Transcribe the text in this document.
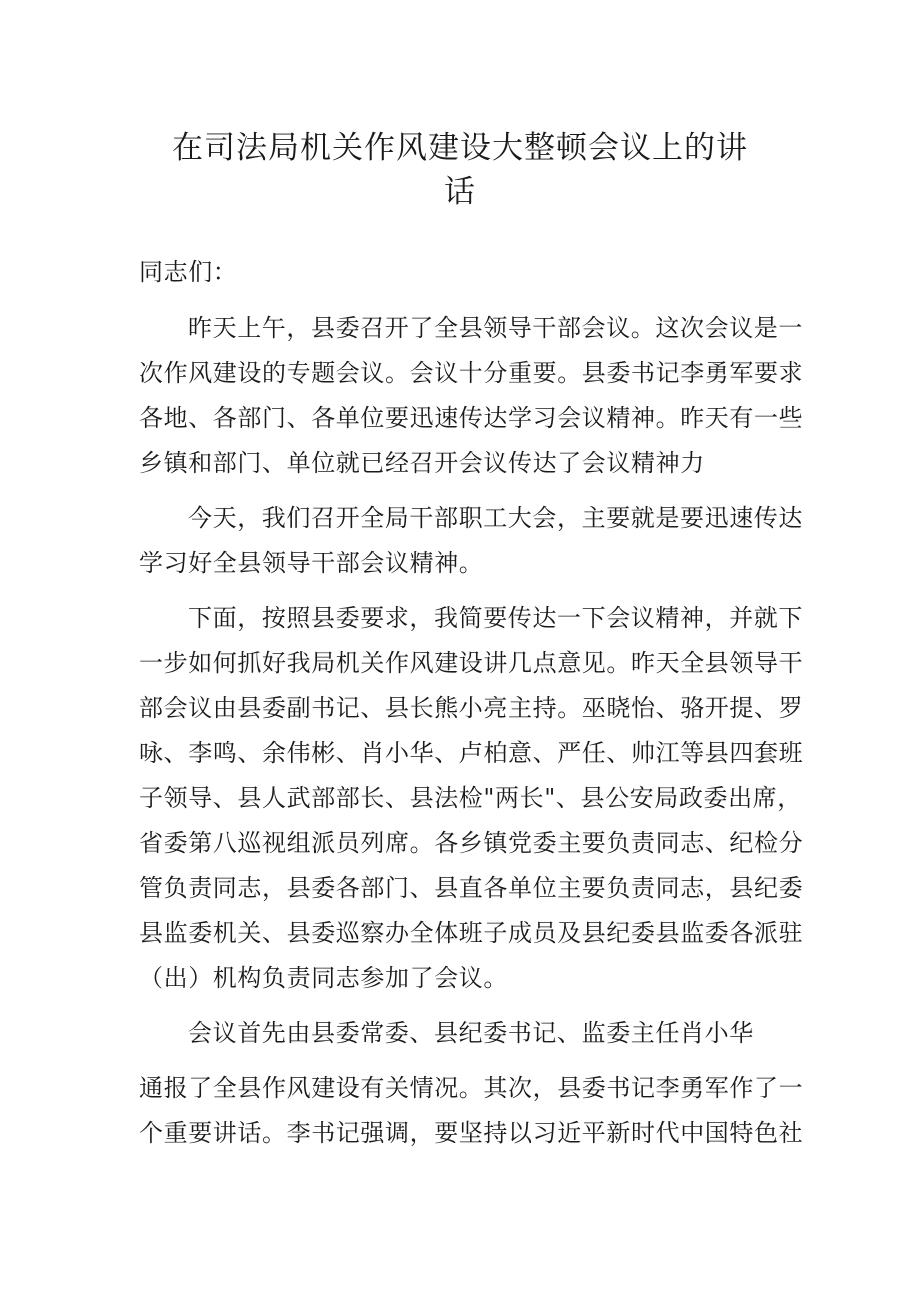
在司法局机关作风建设大整顿会议上的讲
话
同志们：
昨天上午，县委召开了全县领导干部会议。这次会议是一
次作风建设的专题会议。会议十分重要。县委书记李勇军要求
各地、各部门、各单位要迅速传达学习会议精神。昨天有一些
乡镇和部门、单位就已经召开会议传达了会议精神力
今天，我们召开全局干部职工大会，主要就是要迅速传达
学习好全县领导干部会议精神。
下面，按照县委要求，我简要传达一下会议精神，并就下
一步如何抓好我局机关作风建设讲几点意见。昨天全县领导干
部会议由县委副书记、县长熊小亮主持。巫晓怡、骆开提、罗
咏、李鸣、余伟彬、肖小华、卢柏意、严任、帅江等县四套班
子领导、县人武部部长、县法检"两长"、县公安局政委出席，
省委第八巡视组派员列席。各乡镇党委主要负责同志、纪检分
管负责同志，县委各部门、县直各单位主要负责同志，县纪委
县监委机关、县委巡察办全体班子成员及县纪委县监委各派驻
（出）机构负责同志参加了会议。
会议首先由县委常委、县纪委书记、监委主任肖小华
通报了全县作风建设有关情况。其次，县委书记李勇军作了一
个重要讲话。李书记强调，要坚持以习近平新时代中国特色社
